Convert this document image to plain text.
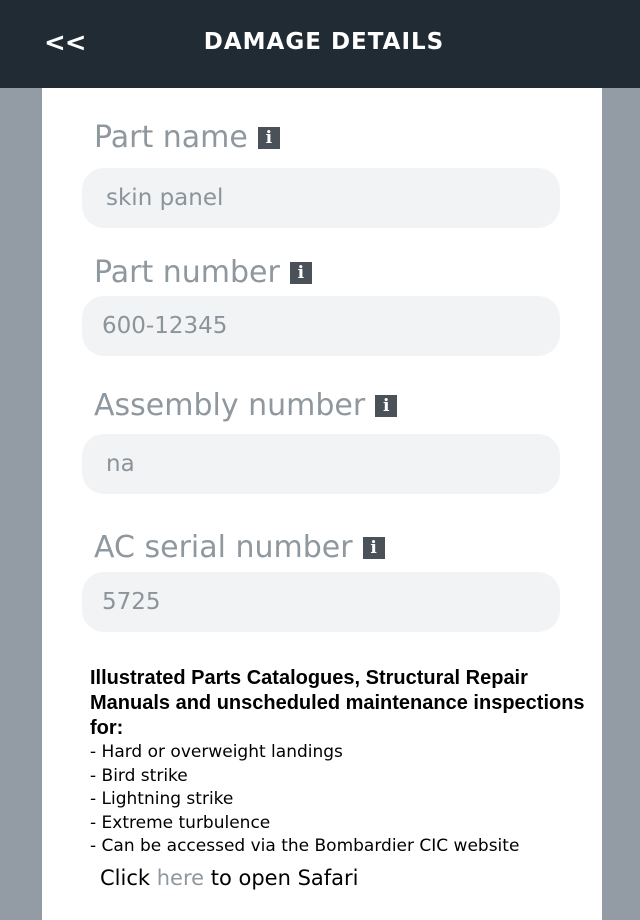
<<	DAMAGE DETAILS
Part name	i
skin panel
Part number	i
600-12345
Assembly number	i
na
AC serial number	i
5725
Illustrated Parts Catalogues, Structural Repair Manuals and unscheduled maintenance inspections for:
- Hard or overweight landings
- Bird strike
- Lightning strike
- Extreme turbulence
- Can be accessed via the Bombardier CIC website
Click here to open Safari
